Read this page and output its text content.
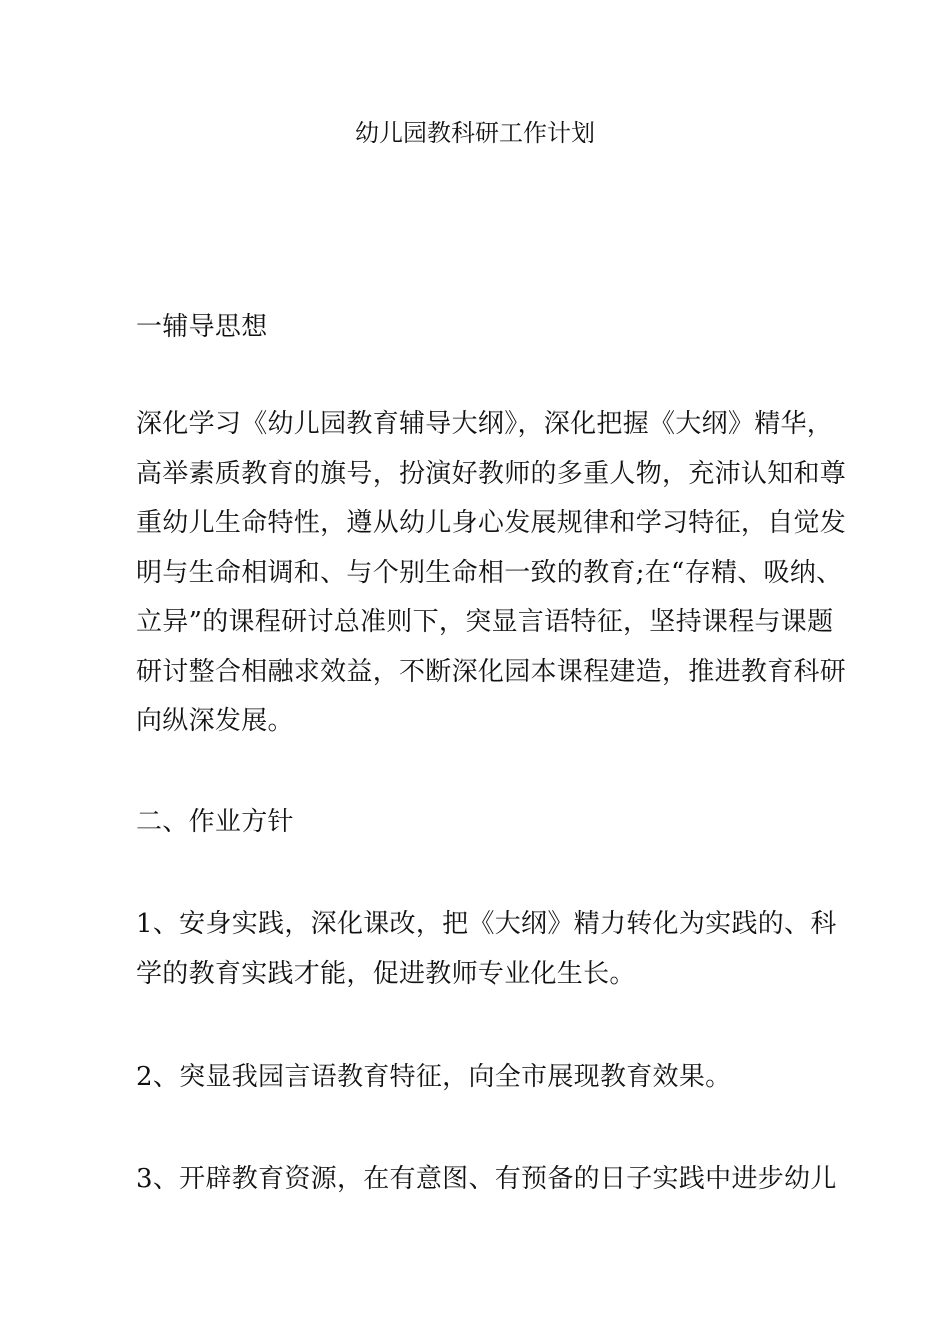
幼儿园教科研工作计划
一辅导思想
深化学习《幼儿园教育辅导大纲》，深化把握《大纲》精华，
高举素质教育的旗号，扮演好教师的多重人物，充沛认知和尊
重幼儿生命特性，遵从幼儿身心发展规律和学习特征，自觉发
明与生命相调和、与个别生命相一致的教育;在“存精、吸纳、
立异”的课程研讨总准则下，突显言语特征，坚持课程与课题
研讨整合相融求效益，不断深化园本课程建造，推进教育科研
向纵深发展。
二、作业方针
1、安身实践，深化课改，把《大纲》精力转化为实践的、科
学的教育实践才能，促进教师专业化生长。
2、突显我园言语教育特征，向全市展现教育效果。
3、开辟教育资源，在有意图、有预备的日子实践中进步幼儿
